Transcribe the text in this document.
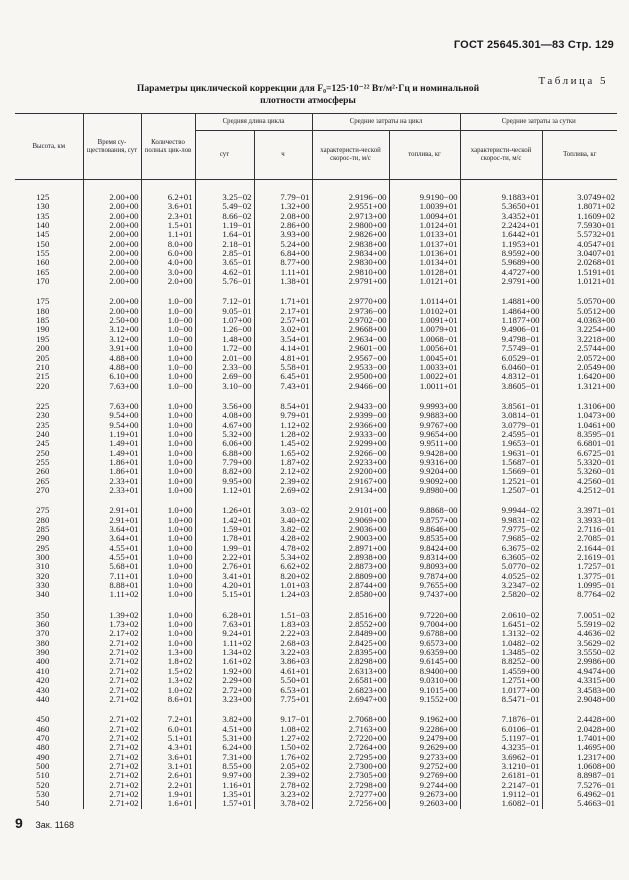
ГОСТ 25645.301—83 Стр. 129
Таблица 5
Параметры циклической коррекции для F₀=125·10⁻²² Вт/м²·Гц и номинальной
плотности атмосферы
Высота, км	Время су-ществования, сут	Количество полных цик-лов	Средняя длина цикла		Средние затраты на цикл		Средние затраты за сутки	
			сут	ч	характеристи-ческой скорос-ти, м/с	топлива, кг	характеристи-ческой скорос-ти, м/с	Топлива, кг

125	2.00+00	6.2+01	3.25−02	7.79−01	2.9196−00	9.9190−00	9.1883+01	3.0749+02
130	2.00+00	3.6+01	5.49−02	1.32+00	2.9551+00	1.0039+01	5.3650+01	1.8071+02
135	2.00+00	2.3+01	8.66−02	2.08+00	2.9713+00	1.0094+01	3.4352+01	1.1609+02
140	2.00+00	1.5+01	1.19−01	2.86+00	2.9800+00	1.0124+01	2.2424+01	7.5930+01
145	2.00+00	1.1+01	1.64−01	3.93+00	2.9826+00	1.0133+01	1.6442+01	5.5732+01
150	2.00+00	8.0+00	2.18−01	5.24+00	2.9838+00	1.0137+01	1.1953+01	4.0547+01
155	2.00+00	6.0+00	2.85−01	6.84+00	2.9834+00	1.0136+01	8.9592+00	3.0407+01
160	2.00+00	4.0+00	3.65−01	8.77+00	2.9830+00	1.0134+01	5.9689+00	2.0268+01
165	2.00+00	3.0+00	4.62−01	1.11+01	2.9810+00	1.0128+01	4.4727+00	1.5191+01
170	2.00+00	2.0+00	5.76−01	1.38+01	2.9791+00	1.0121+01	2.9791+00	1.0121+01

175	2.00+00	1.0−00	7.12−01	1.71+01	2.9770+00	1.0114+01	1.4881+00	5.0570+00
180	2.00+00	1.0−00	9.05−01	2.17+01	2.9736−00	1.0102+01	1.4864+00	5.0512+00
185	2.50+00	1.0−00	1.07+00	2.57+01	2.9702−00	1.0091+01	1.1877+00	4.0363+00
190	3.12+00	1.0−00	1.26−00	3.02+01	2.9668+00	1.0079+01	9.4906−01	3.2254+00
195	3.12+00	1.0−00	1.48+00	3.54+01	2.9634−00	1.0068−01	9.4798−01	3.2218+00
200	3.91+00	1.0+00	1.72−00	4.14+01	2.9601−00	1.0056+01	7.5749−01	2.5744+00
205	4.88+00	1.0+00	2.01−00	4.81+01	2.9567−00	1.0045+01	6.0529−01	2.0572+00
210	4.88+00	1.0−00	2.33−00	5.58+01	2.9533−00	1.0033+01	6.0460−01	2.0549+00
215	6.10+00	1.0+00	2.69−00	6.45+01	2.9500+00	1.0022+01	4.8312−01	1.6420+00
220	7.63+00	1.0−00	3.10−00	7.43+01	2.9466−00	1.0011+01	3.8605−01	1.3121+00

225	7.63+00	1.0+00	3.56+00	8.54+01	2.9433−00	9.9993+00	3.8561−01	1.3106+00
230	9.54+00	1.0+00	4.08+00	9.79+01	2.9399−00	9.9883+00	3.0814−01	1.0473+00
235	9.54+00	1.0+00	4.67+00	1.12+02	2.9366+00	9.9767+00	3.0779−01	1.0461+00
240	1.19+01	1.0+00	5.32+00	1.28+02	2.9333−00	9.9654+00	2.4595−01	8.3595−01
245	1.49+01	1.0+00	6.06+00	1.45+02	2.9299+00	9.9511+00	1.9653−01	6.6801−01
250	1.49+01	1.0+00	6.88+00	1.65+02	2.9266−00	9.9428+00	1.9631−01	6.6725−01
255	1.86+01	1.0+00	7.79+00	1.87+02	2.9233+00	9.9316+00	1.5687−01	5.3320−01
260	1.86+01	1.0+00	8.82+00	2.12+02	2.9200+00	9.9204+00	1.5669−01	5.3260−01
265	2.33+01	1.0+00	9.95+00	2.39+02	2.9167+00	9.9092+00	1.2521−01	4.2560−01
270	2.33+01	1.0+00	1.12+01	2.69+02	2.9134+00	9.8980+00	1.2507−01	4.2512−01

275	2.91+01	1.0+00	1.26+01	3.03−02	2.9101+00	9.8868−00	9.9944−02	3.3971−01
280	2.91+01	1.0+00	1.42+01	3.40+02	2.9069+00	9.8757+00	9.9831−02	3.3933−01
285	3.64+01	1.0+00	1.59+01	3.82−02	2.9036+00	9.8646+00	7.9775−02	2.7116−01
290	3.64+01	1.0+00	1.78+01	4.28+02	2.9003+00	9.8535+00	7.9685−02	2.7085−01
295	4.55+01	1.0+00	1.99−01	4.78+02	2.8971+00	9.8424+00	6.3675−02	2.1644−01
300	4.55+01	1.0+00	2.22+01	5.34+02	2.8938+00	9.8314+00	6.3605−02	2.1619−01
310	5.68+01	1.0+00	2.76+01	6.62+02	2.8873+00	9.8093+00	5.0770−02	1.7257−01
320	7.11+01	1.0+00	3.41+01	8.20+02	2.8809+00	9.7874+00	4.0525−02	1.3775−01
330	8.88+01	1.0+00	4.20+01	1.01+03	2.8744+00	9.7655+00	3.2347−02	1.0995−01
340	1.11+02	1.0+00	5.15+01	1.24+03	2.8580+00	9.7437+00	2.5820−02	8.7764−02

350	1.39+02	1.0+00	6.28+01	1.51−03	2.8516+00	9.7220+00	2.0610−02	7.0051−02
360	1.73+02	1.0+00	7.63+01	1.83+03	2.8552+00	9.7004+00	1.6451−02	5.5919−02
370	2.17+02	1.0+00	9.24+01	2.22+03	2.8489+00	9.6788+00	1.3132−02	4.4636−02
380	2.71+02	1.0+00	1.11+02	2.68+03	2.8425+00	9.6573+00	1.0482−02	3.5629−02
390	2.71+02	1.3+00	1.34+02	3.22+03	2.8395+00	9.6359+00	1.3485−02	3.5550−02
400	2.71+02	1.8+02	1.61+02	3.86+03	2.8298+00	9.6145+00	8.8252−00	2.9986+00
410	2.71+02	1.5+02	1.92+00	4.61+01	2.6313+00	8.9400+00	1.4559+00	4.9474+00
420	2.71+02	1.3+02	2.29+00	5.50+01	2.6581+00	9.0310+00	1.2751+00	4.3315+00
430	2.71+02	1.0+02	2.72+00	6.53+01	2.6823+00	9.1015+00	1.0177+00	3.4583+00
440	2.71+02	8.6+01	3.23+00	7.75+01	2.6947+00	9.1552+00	8.5471−01	2.9048+00

450	2.71+02	7.2+01	3.82+00	9.17−01	2.7068+00	9.1962+00	7.1876−01	2.4428+00
460	2.71+02	6.0+01	4.51+00	1.08+02	2.7163+00	9.2286+00	6.0106−01	2.0428+00
470	2.71+02	5.1+01	5.31+00	1.27+02	2.7220+00	9.2479+00	5.1197−01	1.7401+00
480	2.71+02	4.3+01	6.24+00	1.50+02	2.7264+00	9.2629+00	4.3235−01	1.4695+00
490	2.71+02	3.6+01	7.31+00	1.76+02	2.7295+00	9.2733+00	3.6962−01	1.2317+00
500	2.71+02	3.1+01	8.55+00	2.05+02	2.7300+00	9.2752+00	3.1210−01	1.0608+00
510	2.71+02	2.6+01	9.97+00	2.39+02	2.7305+00	9.2769+00	2.6181−01	8.8987−01
520	2.71+02	2.2+01	1.16+01	2.78+02	2.7298+00	9.2744+00	2.2147−01	7.5276−01
530	2.71+02	1.9+01	1.35+01	3.23+02	2.7277+00	9.2673+00	1.9112−01	6.4962−01
540	2.71+02	1.6+01	1.57+01	3.78+02	2.7256+00	9.2603+00	1.6082−01	5.4663−01
9 Зак. 1168
